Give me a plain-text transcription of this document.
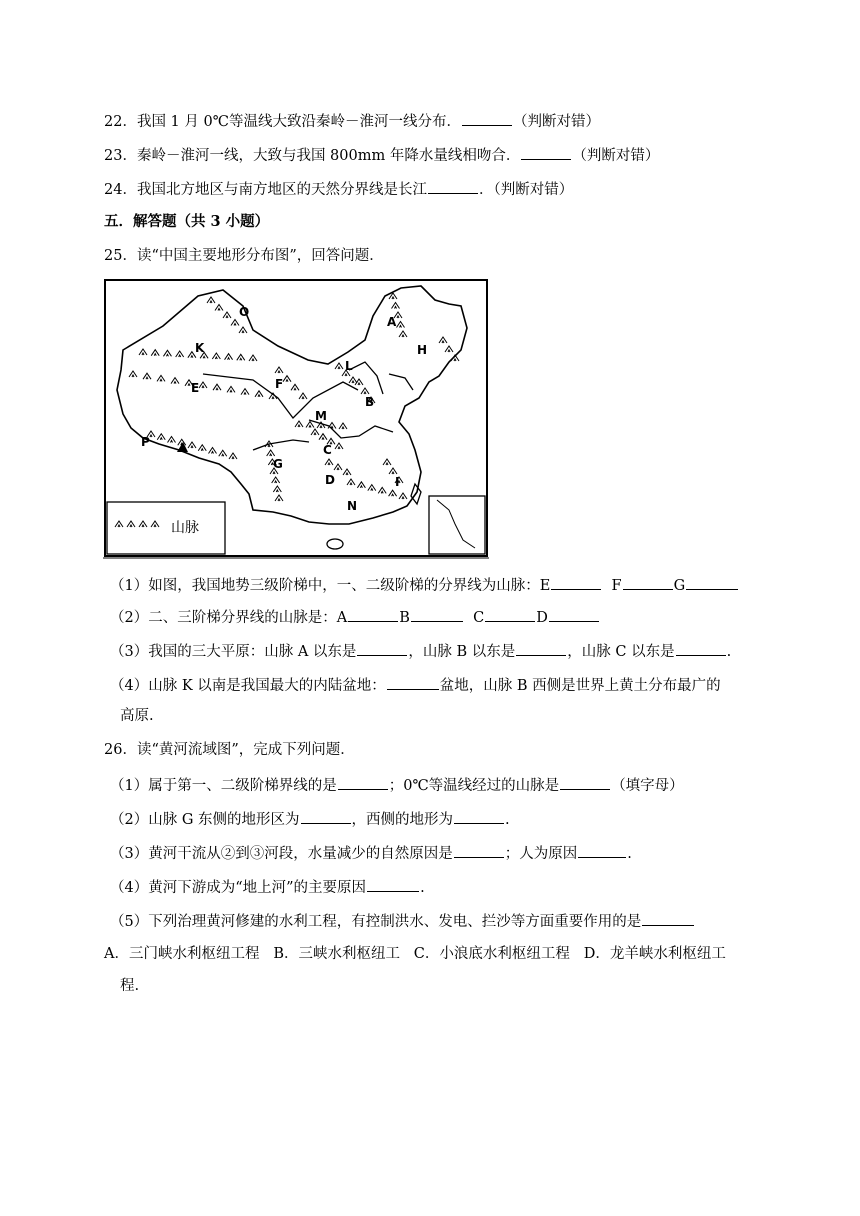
22．我国 1 月 0℃等温线大致沿秦岭－淮河一线分布．	（判断对错）
23．秦岭－淮河一线，大致与我国 800mm 年降水量线相吻合．	（判断对错）
24．我国北方地区与南方地区的天然分界线是长江	．（判断对错）
五．解答题（共 3 小题）
25．读“中国主要地形分布图”，回答问题．
O
A
K	H
L
E	F
B
M
P
C
G
D	I
N
山脉
（1）如图，我国地势三级阶梯中，一、二级阶梯的分界线为山脉：E	F	G
（2）二、三阶梯分界线的山脉是：A	B	C	D
（3）我国的三大平原：山脉 A 以东是	，山脉 B 以东是	，山脉 C 以东是	.
（4）山脉 K 以南是我国最大的内陆盆地：	盆地，山脉 B 西侧是世界上黄土分布最广的
高原.
26．读“黄河流域图”，完成下列问题．
（1）属于第一、二级阶梯界线的是	；0℃等温线经过的山脉是	（填字母）
（2）山脉 G 东侧的地形区为	，西侧的地形为	.
（3）黄河干流从②到③河段，水量减少的自然原因是	；人为原因	.
（4）黄河下游成为“地上河”的主要原因	.
（5）下列治理黄河修建的水利工程，有控制洪水、发电、拦沙等方面重要作用的是
A．三门峡水利枢纽工程 B．三峡水利枢纽工 C．小浪底水利枢纽工程 D．龙羊峡水利枢纽工
程.
